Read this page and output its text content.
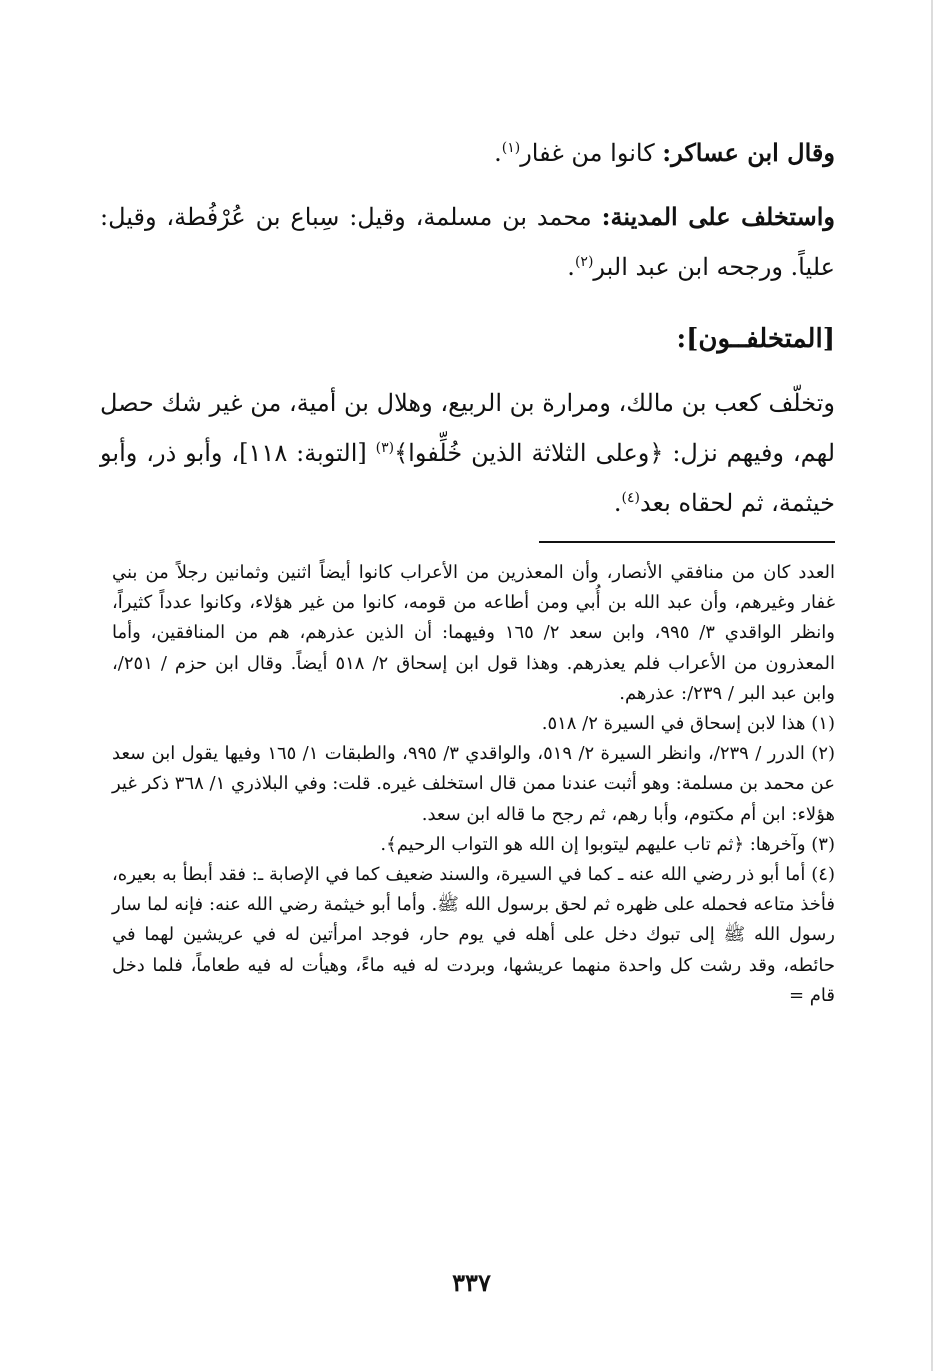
وقال ابن عساكر: كانوا من غفار$^{(١)}$.

واستخلف على المدينة: محمد بن مسلمة، وقيل: سِباع بن عُرْفُطة، وقيل: علياً. ورجحه ابن عبد البر$^{(٢)}$.

[المتخلفــون]:

وتخلّف كعب بن مالك، ومرارة بن الربيع، وهلال بن أمية، من غير شك حصل لهم، وفيهم نزل: ﴿وعلى الثلاثة الذين خُلِّفوا﴾$^{(٣)}$ [التوبة: ١١٨]، وأبو ذر، وأبو خيثمة، ثم لحقاه بعد$^{(٤)}$.

العدد كان من منافقي الأنصار، وأن المعذرين من الأعراب كانوا أيضاً اثنين وثمانين رجلاً من بني غفار وغيرهم، وأن عبد الله بن أُبي ومن أطاعه من قومه، كانوا من غير هؤلاء، وكانوا عدداً كثيراً، وانظر الواقدي ٣/ ٩٩٥، وابن سعد ٢/ ١٦٥ وفيهما: أن الذين عذرهم، هم من المنافقين، وأما المعذرون من الأعراب فلم يعذرهم. وهذا قول ابن إسحاق ٢/ ٥١٨ أيضاً. وقال ابن حزم / ٢٥١/، وابن عبد البر / ٢٣٩/: عذرهم.

(١) هذا لابن إسحاق في السيرة ٢/ ٥١٨.

(٢) الدرر / ٢٣٩/، وانظر السيرة ٢/ ٥١٩، والواقدي ٣/ ٩٩٥، والطبقات ١/ ١٦٥ وفيها يقول ابن سعد عن محمد بن مسلمة: وهو أثبت عندنا ممن قال استخلف غيره. قلت: وفي البلاذري ١/ ٣٦٨ ذكر غير هؤلاء: ابن أم مكتوم، وأبا رهم، ثم رجح ما قاله ابن سعد.

(٣) وآخرها: ﴿ثم تاب عليهم ليتوبوا إن الله هو التواب الرحيم﴾.

(٤) أما أبو ذر رضي الله عنه ـ كما في السيرة، والسند ضعيف كما في الإصابة ـ: فقد أبطأ به بعيره، فأخذ متاعه فحمله على ظهره ثم لحق برسول الله ﷺ. وأما أبو خيثمة رضي الله عنه: فإنه لما سار رسول الله ﷺ إلى تبوك دخل على أهله في يوم حار، فوجد امرأتين له في عريشين لهما في حائطه، وقد رشت كل واحدة منهما عريشها، وبردت له فيه ماءً، وهيأت له فيه طعاماً، فلما دخل قام =

٣٣٧
